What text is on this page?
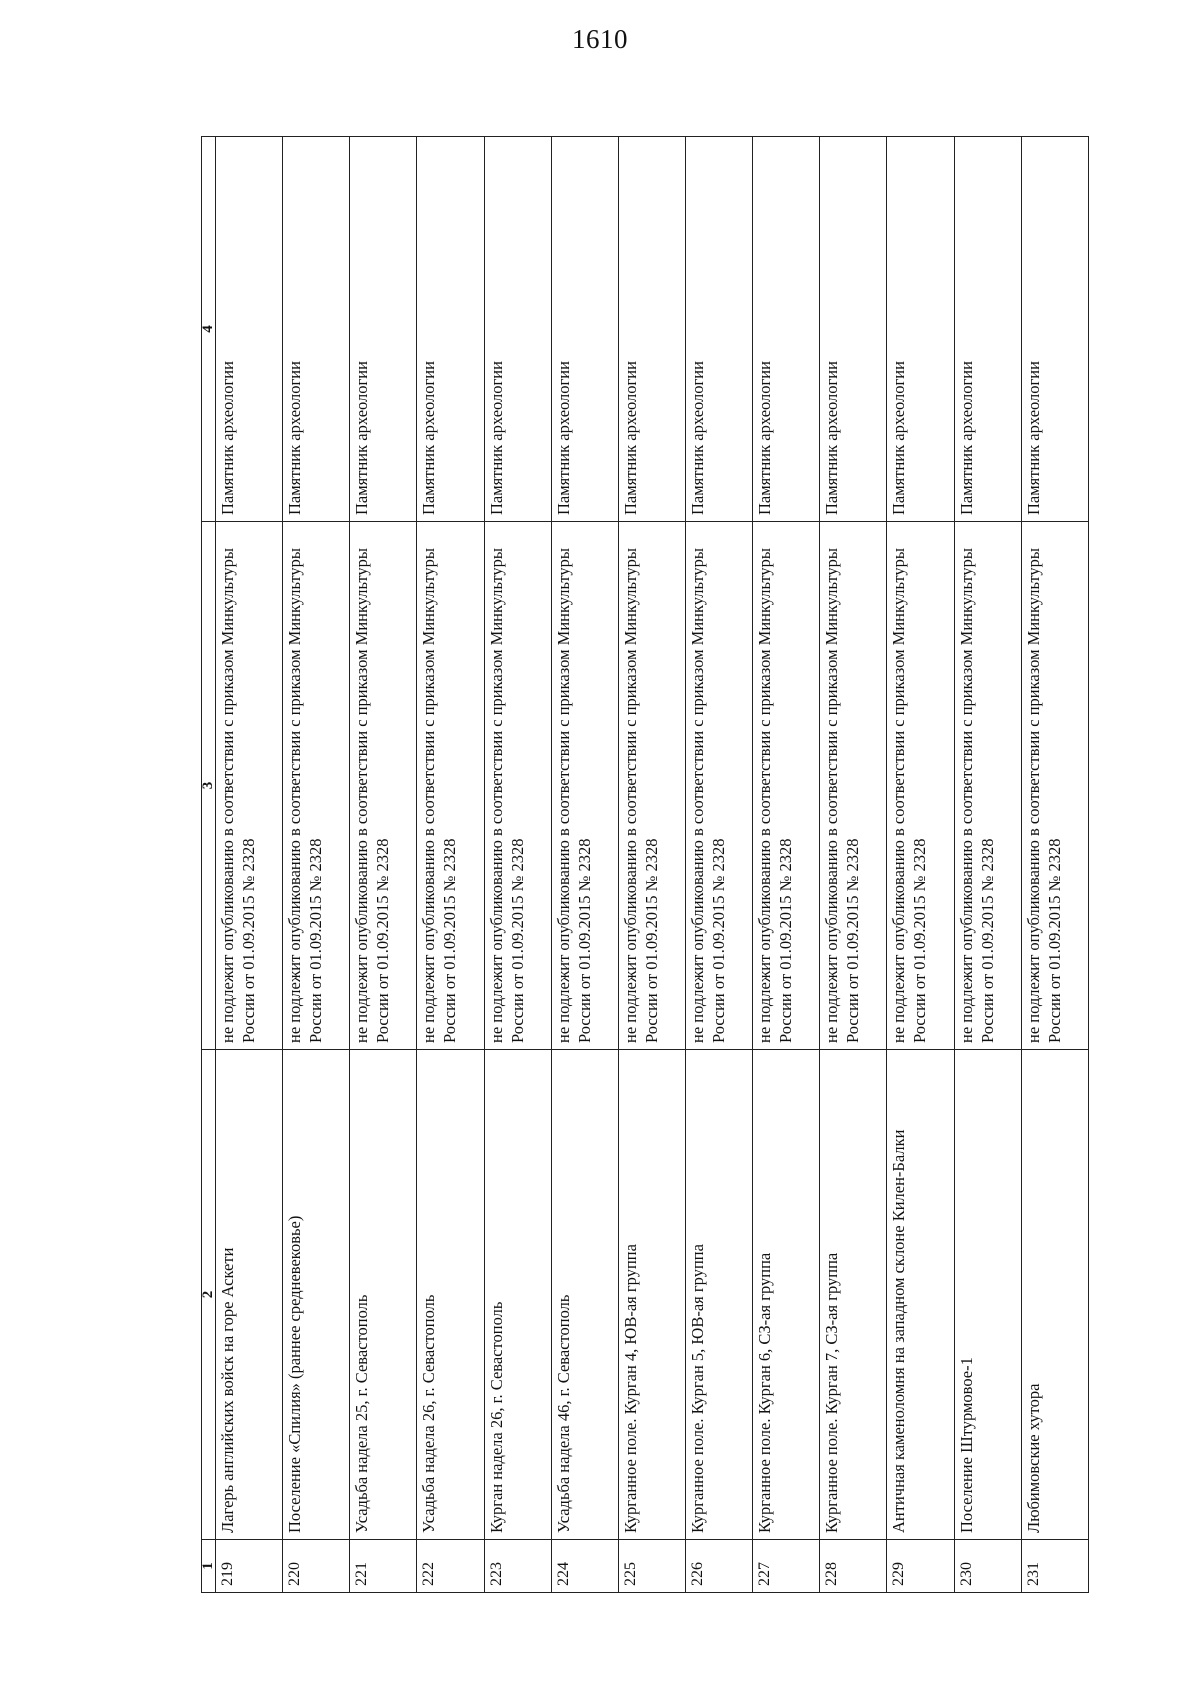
1610
1	2	3	4
219	Лагерь английских войск на горе Аскети	не подлежит опубликованию в соответствии с приказом Минкультуры России от 01.09.2015 № 2328	Памятник археологии
220	Поселение «Спилия» (раннее средневековье)	не подлежит опубликованию в соответствии с приказом Минкультуры России от 01.09.2015 № 2328	Памятник археологии
221	Усадьба надела 25, г. Севастополь	не подлежит опубликованию в соответствии с приказом Минкультуры России от 01.09.2015 № 2328	Памятник археологии
222	Усадьба надела 26, г. Севастополь	не подлежит опубликованию в соответствии с приказом Минкультуры России от 01.09.2015 № 2328	Памятник археологии
223	Курган надела 26, г. Севастополь	не подлежит опубликованию в соответствии с приказом Минкультуры России от 01.09.2015 № 2328	Памятник археологии
224	Усадьба надела 46, г. Севастополь	не подлежит опубликованию в соответствии с приказом Минкультуры России от 01.09.2015 № 2328	Памятник археологии
225	Курганное поле. Курган 4, ЮВ-ая группа	не подлежит опубликованию в соответствии с приказом Минкультуры России от 01.09.2015 № 2328	Памятник археологии
226	Курганное поле. Курган 5, ЮВ-ая группа	не подлежит опубликованию в соответствии с приказом Минкультуры России от 01.09.2015 № 2328	Памятник археологии
227	Курганное поле. Курган 6, СЗ-ая группа	не подлежит опубликованию в соответствии с приказом Минкультуры России от 01.09.2015 № 2328	Памятник археологии
228	Курганное поле. Курган 7, СЗ-ая группа	не подлежит опубликованию в соответствии с приказом Минкультуры России от 01.09.2015 № 2328	Памятник археологии
229	Античная каменоломня на западном склоне Килен-Балки	не подлежит опубликованию в соответствии с приказом Минкультуры России от 01.09.2015 № 2328	Памятник археологии
230	Поселение Штурмовое-1	не подлежит опубликованию в соответствии с приказом Минкультуры России от 01.09.2015 № 2328	Памятник археологии
231	Любимовские хутора	не подлежит опубликованию в соответствии с приказом Минкультуры России от 01.09.2015 № 2328	Памятник археологии
